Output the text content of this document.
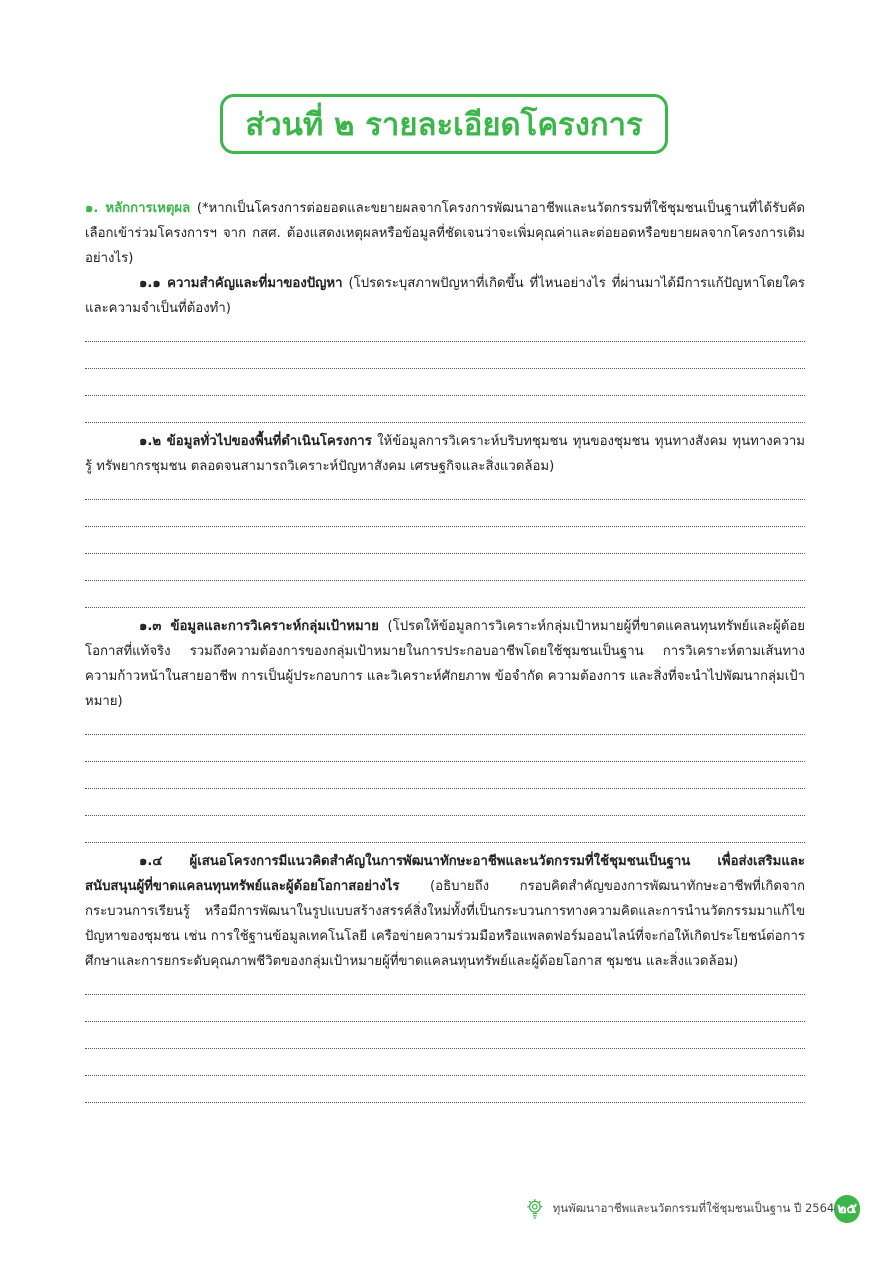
ส่วนที่ ๒ รายละเอียดโครงการ

๑. หลักการเหตุผล (*หากเป็นโครงการต่อยอดและขยายผลจากโครงการพัฒนาอาชีพและนวัตกรรมที่ใช้ชุมชนเป็นฐานที่ได้รับคัดเลือกเข้าร่วมโครงการฯ จาก กสศ. ต้องแสดงเหตุผลหรือข้อมูลที่ชัดเจนว่าจะเพิ่มคุณค่าและต่อยอดหรือขยายผลจากโครงการเดิมอย่างไร)

๑.๑ ความสำคัญและที่มาของปัญหา (โปรดระบุสภาพปัญหาที่เกิดขึ้น ที่ไหนอย่างไร ที่ผ่านมาได้มีการแก้ปัญหาโดยใคร และความจำเป็นที่ต้องทำ)

๑.๒ ข้อมูลทั่วไปของพื้นที่ดำเนินโครงการ ให้ข้อมูลการวิเคราะห์บริบทชุมชน ทุนของชุมชน ทุนทางสังคม ทุนทางความรู้ ทรัพยากรชุมชน ตลอดจนสามารถวิเคราะห์ปัญหาสังคม เศรษฐกิจและสิ่งแวดล้อม)

๑.๓ ข้อมูลและการวิเคราะห์กลุ่มเป้าหมาย (โปรดให้ข้อมูลการวิเคราะห์กลุ่มเป้าหมายผู้ที่ขาดแคลนทุนทรัพย์และผู้ด้อยโอกาสที่แท้จริง รวมถึงความต้องการของกลุ่มเป้าหมายในการประกอบอาชีพโดยใช้ชุมชนเป็นฐาน การวิเคราะห์ตามเส้นทางความก้าวหน้าในสายอาชีพ การเป็นผู้ประกอบการ และวิเคราะห์ศักยภาพ ข้อจำกัด ความต้องการ และสิ่งที่จะนำไปพัฒนากลุ่มเป้าหมาย)

๑.๔ ผู้เสนอโครงการมีแนวคิดสำคัญในการพัฒนาทักษะอาชีพและนวัตกรรมที่ใช้ชุมชนเป็นฐาน เพื่อส่งเสริมและสนับสนุนผู้ที่ขาดแคลนทุนทรัพย์และผู้ด้อยโอกาสอย่างไร (อธิบายถึง กรอบคิดสำคัญของการพัฒนาทักษะอาชีพที่เกิดจากกระบวนการเรียนรู้ หรือมีการพัฒนาในรูปแบบสร้างสรรค์สิ่งใหม่ทั้งที่เป็นกระบวนการทางความคิดและการนำนวัตกรรมมาแก้ไขปัญหาของชุมชน เช่น การใช้ฐานข้อมูลเทคโนโลยี เครือข่ายความร่วมมือหรือแพลตฟอร์มออนไลน์ที่จะก่อให้เกิดประโยชน์ต่อการศึกษาและการยกระดับคุณภาพชีวิตของกลุ่มเป้าหมายผู้ที่ขาดแคลนทุนทรัพย์และผู้ด้อยโอกาส ชุมชน และสิ่งแวดล้อม)

ทุนพัฒนาอาชีพและนวัตกรรมที่ใช้ชุมชนเป็นฐาน ปี 2564 ๒๕
